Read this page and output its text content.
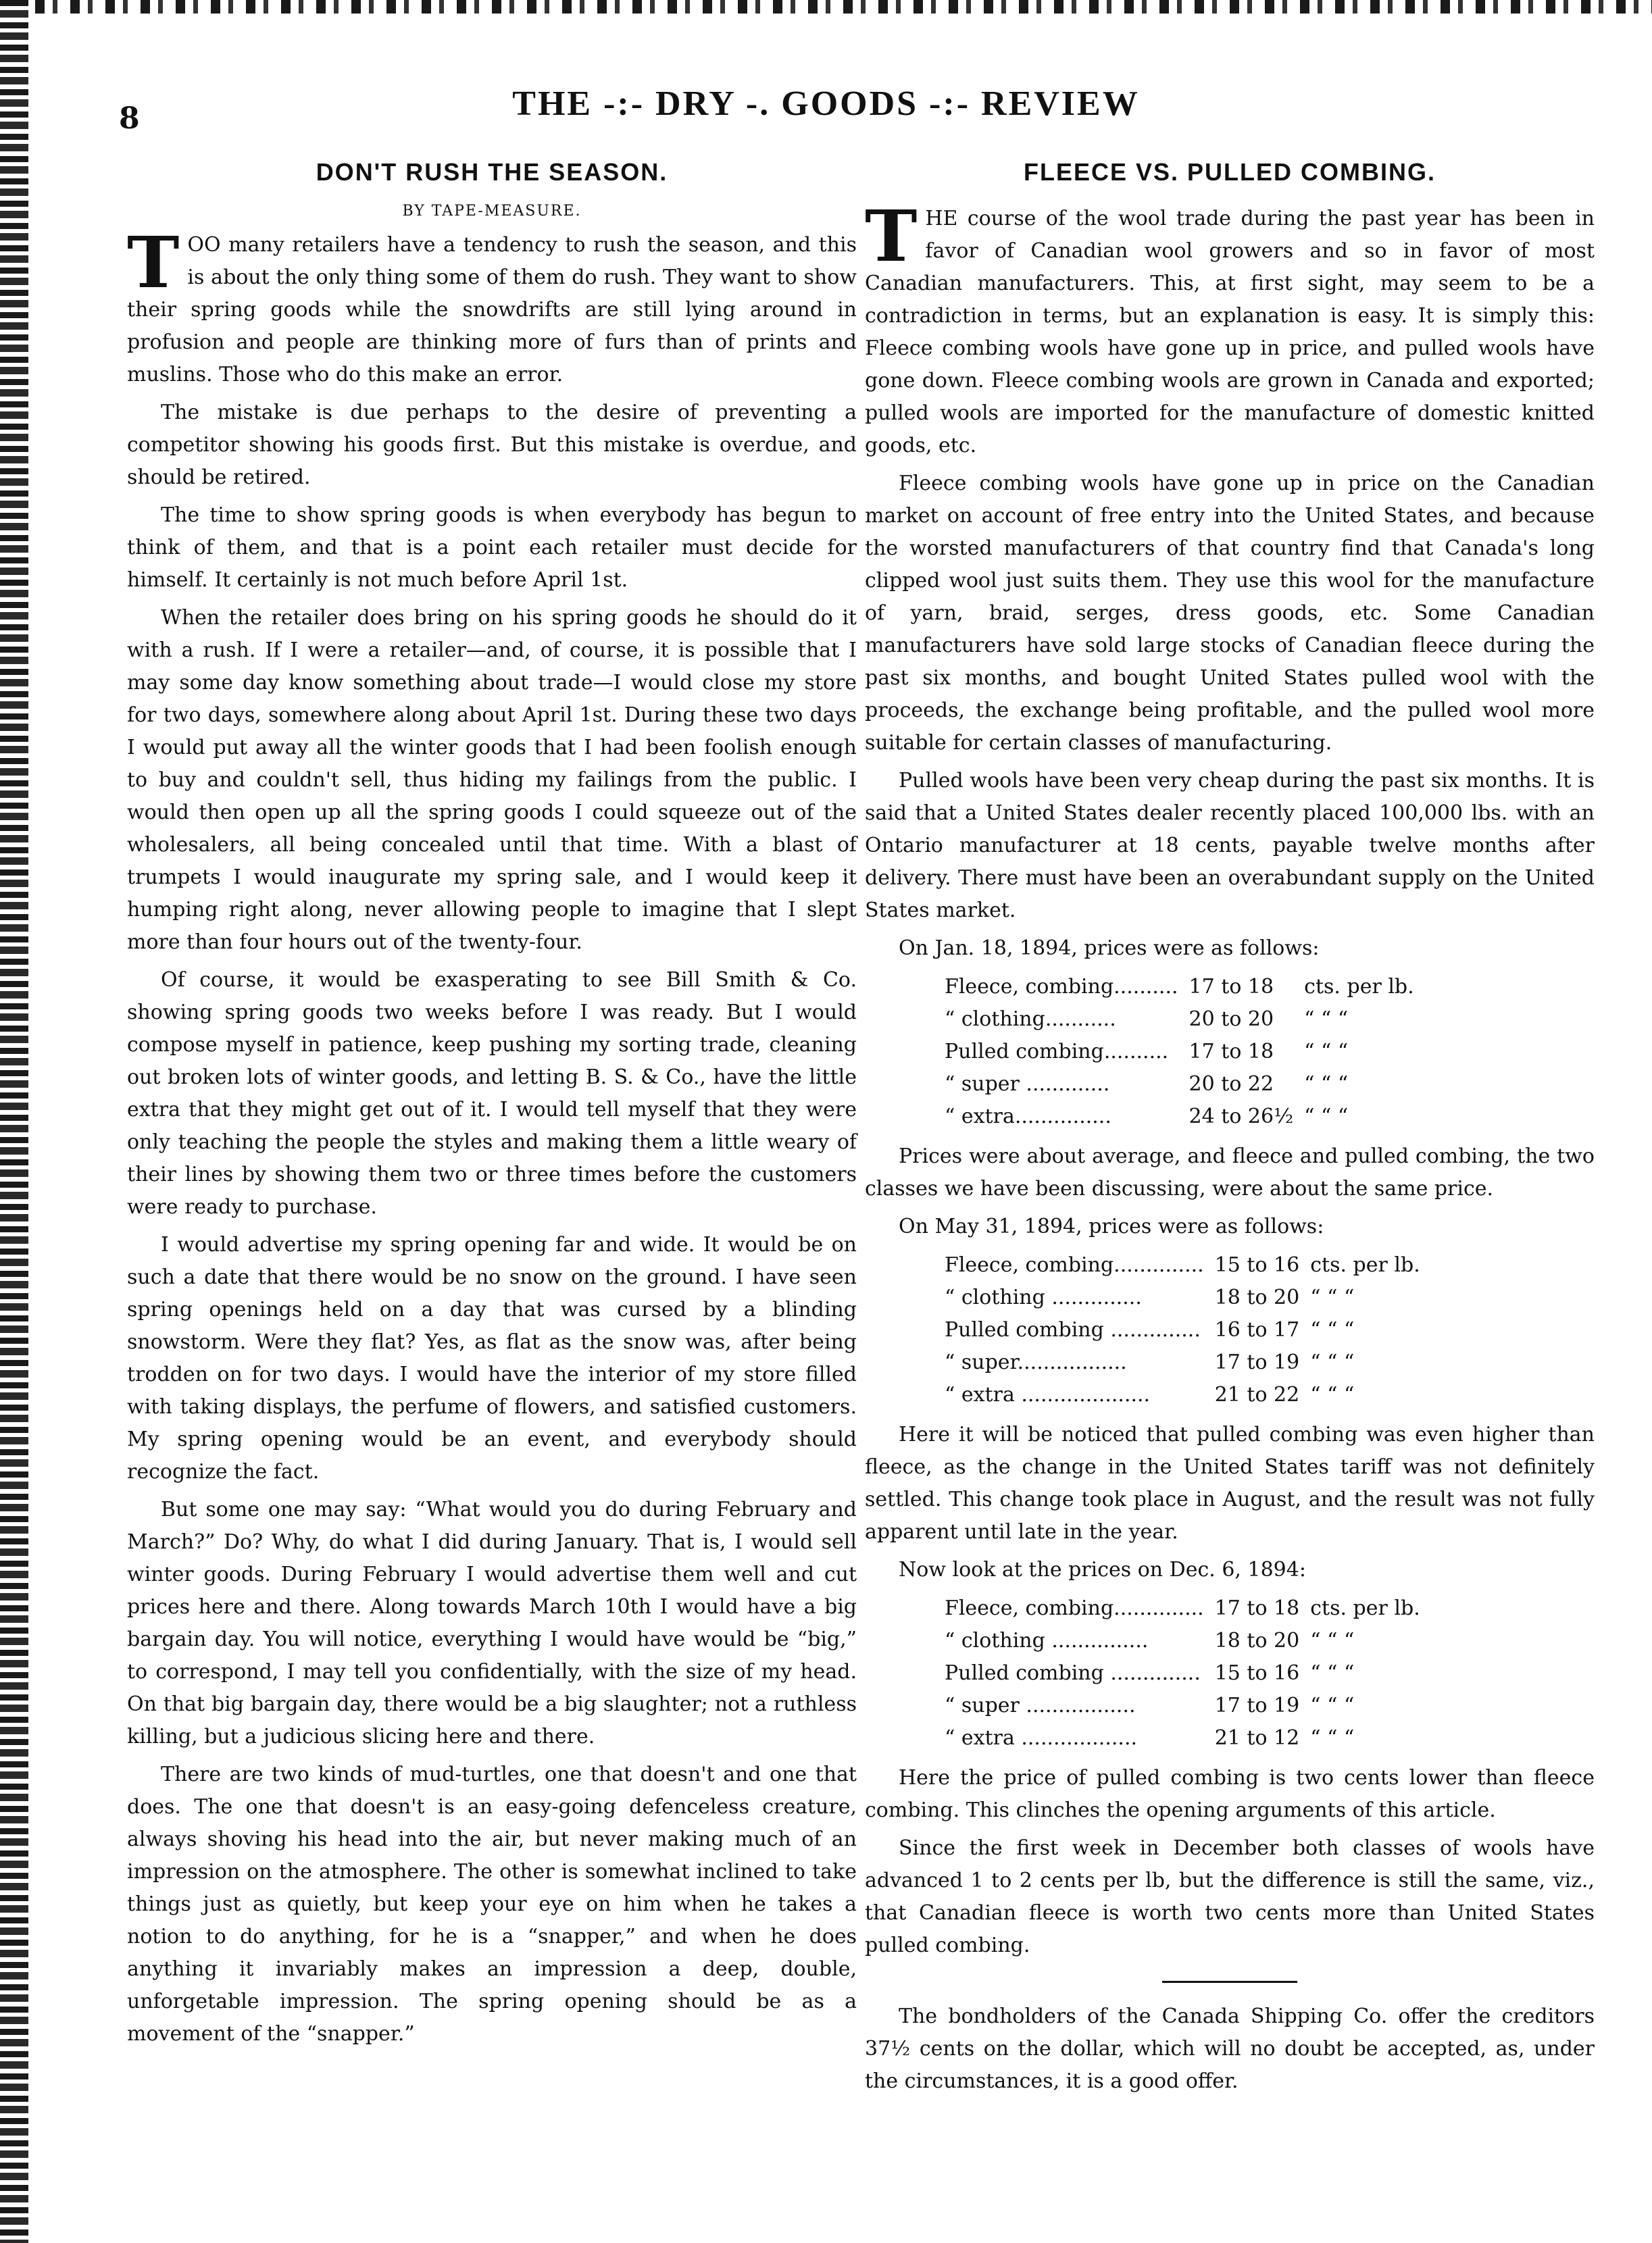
8	THE -:- DRY -. GOODS -:- REVIEW
DON'T RUSH THE SEASON.
BY TAPE-MEASURE.

TOO many retailers have a tendency to rush the season, and this is about the only thing some of them do rush. They want to show their spring goods while the snowdrifts are still lying around in profusion and people are thinking more of furs than of prints and muslins. Those who do this make an error.

The mistake is due perhaps to the desire of preventing a competitor showing his goods first. But this mistake is overdue, and should be retired.

The time to show spring goods is when everybody has begun to think of them, and that is a point each retailer must decide for himself. It certainly is not much before April 1st.

When the retailer does bring on his spring goods he should do it with a rush. If I were a retailer—and, of course, it is possible that I may some day know something about trade—I would close my store for two days, somewhere along about April 1st. During these two days I would put away all the winter goods that I had been foolish enough to buy and couldn't sell, thus hiding my failings from the public. I would then open up all the spring goods I could squeeze out of the wholesalers, all being concealed until that time. With a blast of trumpets I would inaugurate my spring sale, and I would keep it humping right along, never allowing people to imagine that I slept more than four hours out of the twenty-four.

Of course, it would be exasperating to see Bill Smith & Co. showing spring goods two weeks before I was ready. But I would compose myself in patience, keep pushing my sorting trade, cleaning out broken lots of winter goods, and letting B. S. & Co., have the little extra that they might get out of it. I would tell myself that they were only teaching the people the styles and making them a little weary of their lines by showing them two or three times before the customers were ready to purchase.

I would advertise my spring opening far and wide. It would be on such a date that there would be no snow on the ground. I have seen spring openings held on a day that was cursed by a blinding snowstorm. Were they flat? Yes, as flat as the snow was, after being trodden on for two days. I would have the interior of my store filled with taking displays, the perfume of flowers, and satisfied customers. My spring opening would be an event, and everybody should recognize the fact.

But some one may say: “What would you do during February and March?” Do? Why, do what I did during January. That is, I would sell winter goods. During February I would advertise them well and cut prices here and there. Along towards March 10th I would have a big bargain day. You will notice, everything I would have would be “big,” to correspond, I may tell you confidentially, with the size of my head. On that big bargain day, there would be a big slaughter; not a ruthless killing, but a judicious slicing here and there.

There are two kinds of mud-turtles, one that doesn't and one that does. The one that doesn't is an easy-going defenceless creature, always shoving his head into the air, but never making much of an impression on the atmosphere. The other is somewhat inclined to take things just as quietly, but keep your eye on him when he takes a notion to do anything, for he is a “snapper,” and when he does anything it invariably makes an impression a deep, double, unforgetable impression. The spring opening should be as a movement of the “snapper.”

FLEECE VS. PULLED COMBING.

THE course of the wool trade during the past year has been in favor of Canadian wool growers and so in favor of most Canadian manufacturers. This, at first sight, may seem to be a contradiction in terms, but an explanation is easy. It is simply this: Fleece combing wools have gone up in price, and pulled wools have gone down. Fleece combing wools are grown in Canada and exported; pulled wools are imported for the manufacture of domestic knitted goods, etc.

Fleece combing wools have gone up in price on the Canadian market on account of free entry into the United States, and because the worsted manufacturers of that country find that Canada's long clipped wool just suits them. They use this wool for the manufacture of yarn, braid, serges, dress goods, etc. Some Canadian manufacturers have sold large stocks of Canadian fleece during the past six months, and bought United States pulled wool with the proceeds, the exchange being profitable, and the pulled wool more suitable for certain classes of manufacturing.

Pulled wools have been very cheap during the past six months. It is said that a United States dealer recently placed 100,000 lbs. with an Ontario manufacturer at 18 cents, payable twelve months after delivery. There must have been an overabundant supply on the United States market.

On Jan. 18, 1894, prices were as follows:

Fleece, combing..........	17 to 18	cts. per lb.
“ clothing...........	20 to 20	“ “ “
Pulled combing..........	17 to 18	“ “ “
“ super .............	20 to 22	“ “ “
“ extra...............	24 to 26½	“ “ “

Prices were about average, and fleece and pulled combing, the two classes we have been discussing, were about the same price.

On May 31, 1894, prices were as follows:

Fleece, combing..............	15 to 16	cts. per lb.
“ clothing ..............	18 to 20	“ “ “
Pulled combing ..............	16 to 17	“ “ “
“ super.................	17 to 19	“ “ “
“ extra ....................	21 to 22	“ “ “

Here it will be noticed that pulled combing was even higher than fleece, as the change in the United States tariff was not definitely settled. This change took place in August, and the result was not fully apparent until late in the year.

Now look at the prices on Dec. 6, 1894:

Fleece, combing..............	17 to 18	cts. per lb.
“ clothing ...............	18 to 20	“ “ “
Pulled combing ..............	15 to 16	“ “ “
“ super .................	17 to 19	“ “ “
“ extra ..................	21 to 12	“ “ “

Here the price of pulled combing is two cents lower than fleece combing. This clinches the opening arguments of this article.

Since the first week in December both classes of wools have advanced 1 to 2 cents per lb, but the difference is still the same, viz., that Canadian fleece is worth two cents more than United States pulled combing.

The bondholders of the Canada Shipping Co. offer the creditors 37½ cents on the dollar, which will no doubt be accepted, as, under the circumstances, it is a good offer.
